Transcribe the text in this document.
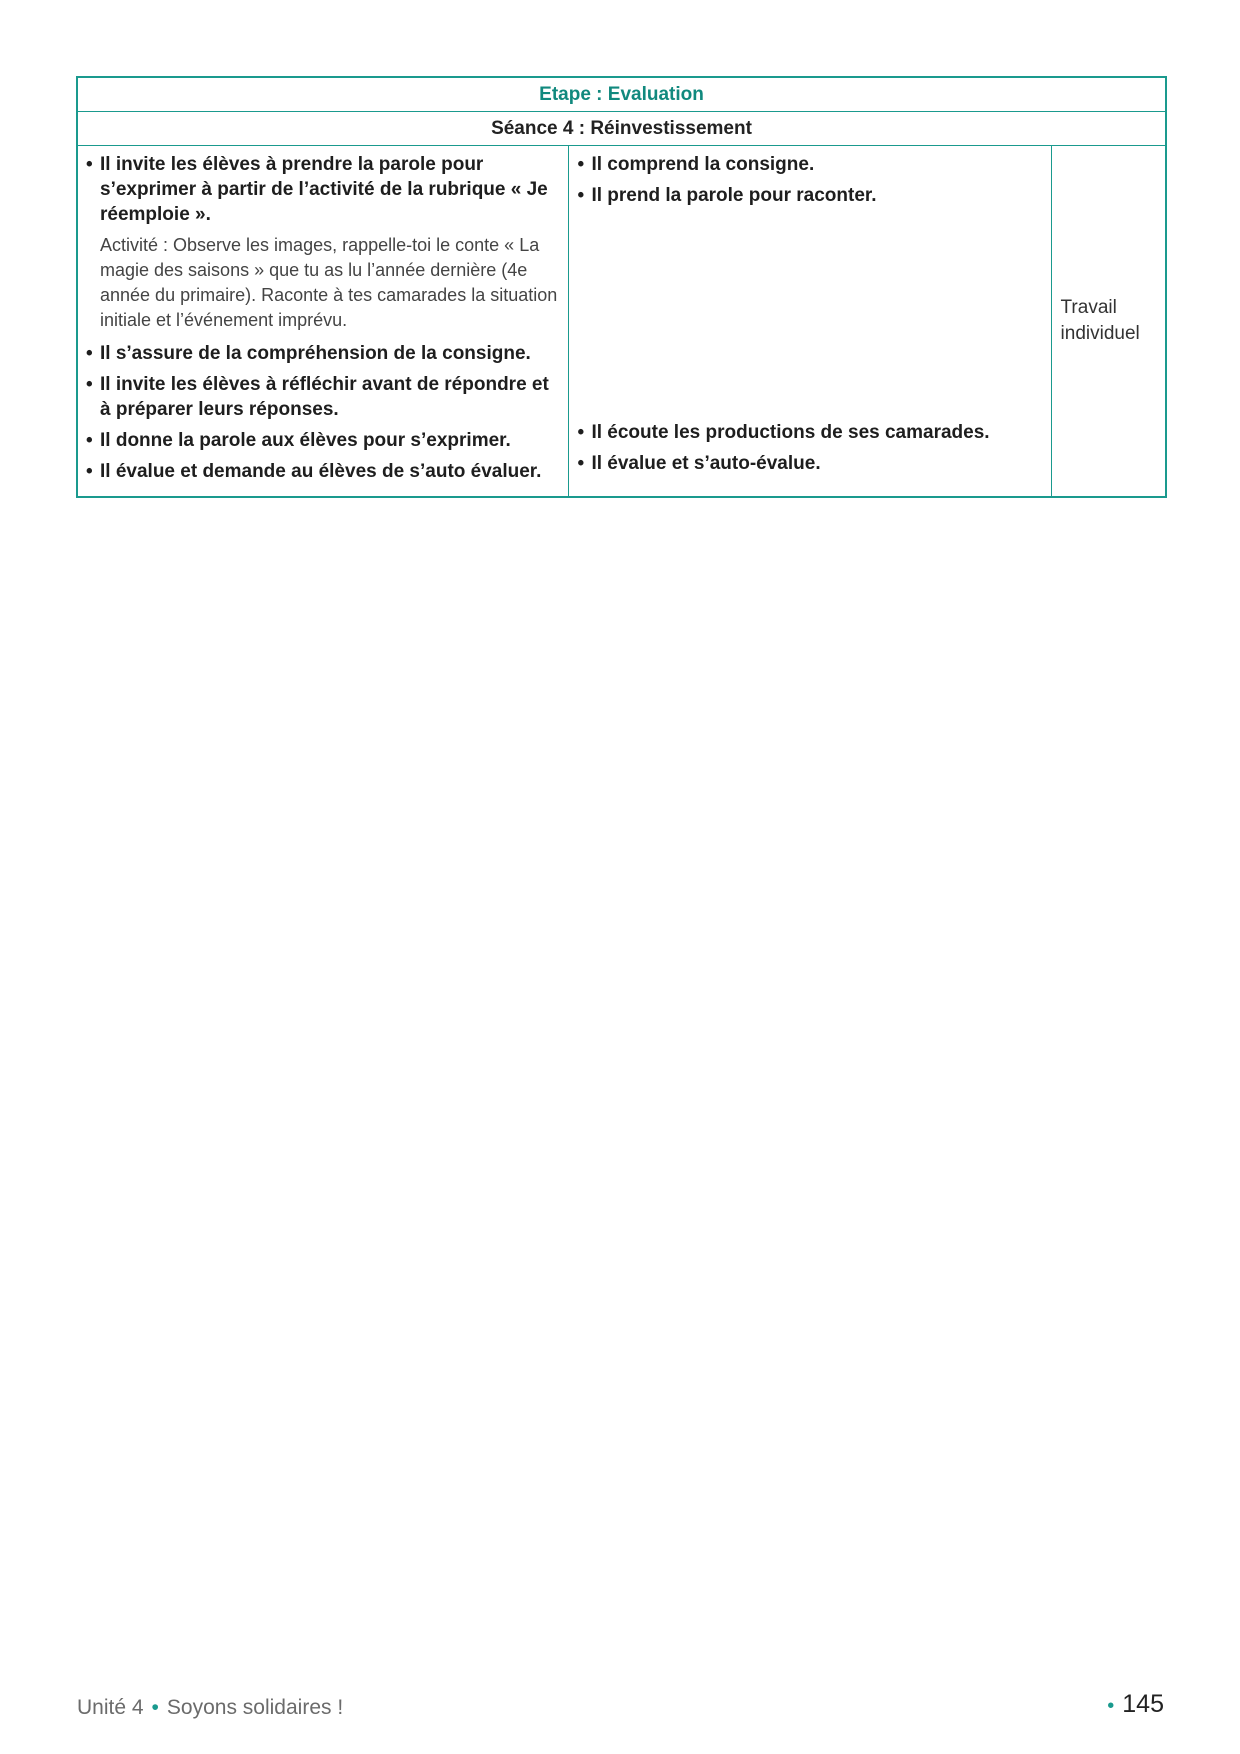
Etape : Evaluation
Séance 4 : Réinvestissement

• Il invite les élèves à prendre la parole pour s’exprimer à partir de l’activité de la rubrique « Je réemploie ».
Activité : Observe les images, rappelle-toi le conte « La magie des saisons » que tu as lu l’année dernière (4e année du primaire). Raconte à tes camarades la situation initiale et l’événement imprévu.
• Il s’assure de la compréhension de la consigne.
• Il invite les élèves à réfléchir avant de répondre et à préparer leurs réponses.
• Il donne la parole aux élèves pour s’exprimer.
• Il évalue et demande au élèves de s’auto évaluer.

• Il comprend la consigne.
• Il prend la parole pour raconter.
• Il écoute les productions de ses camarades.
• Il évalue et s’auto-évalue.

Travail
individuel
Unité 4 • Soyons solidaires !	• 145
